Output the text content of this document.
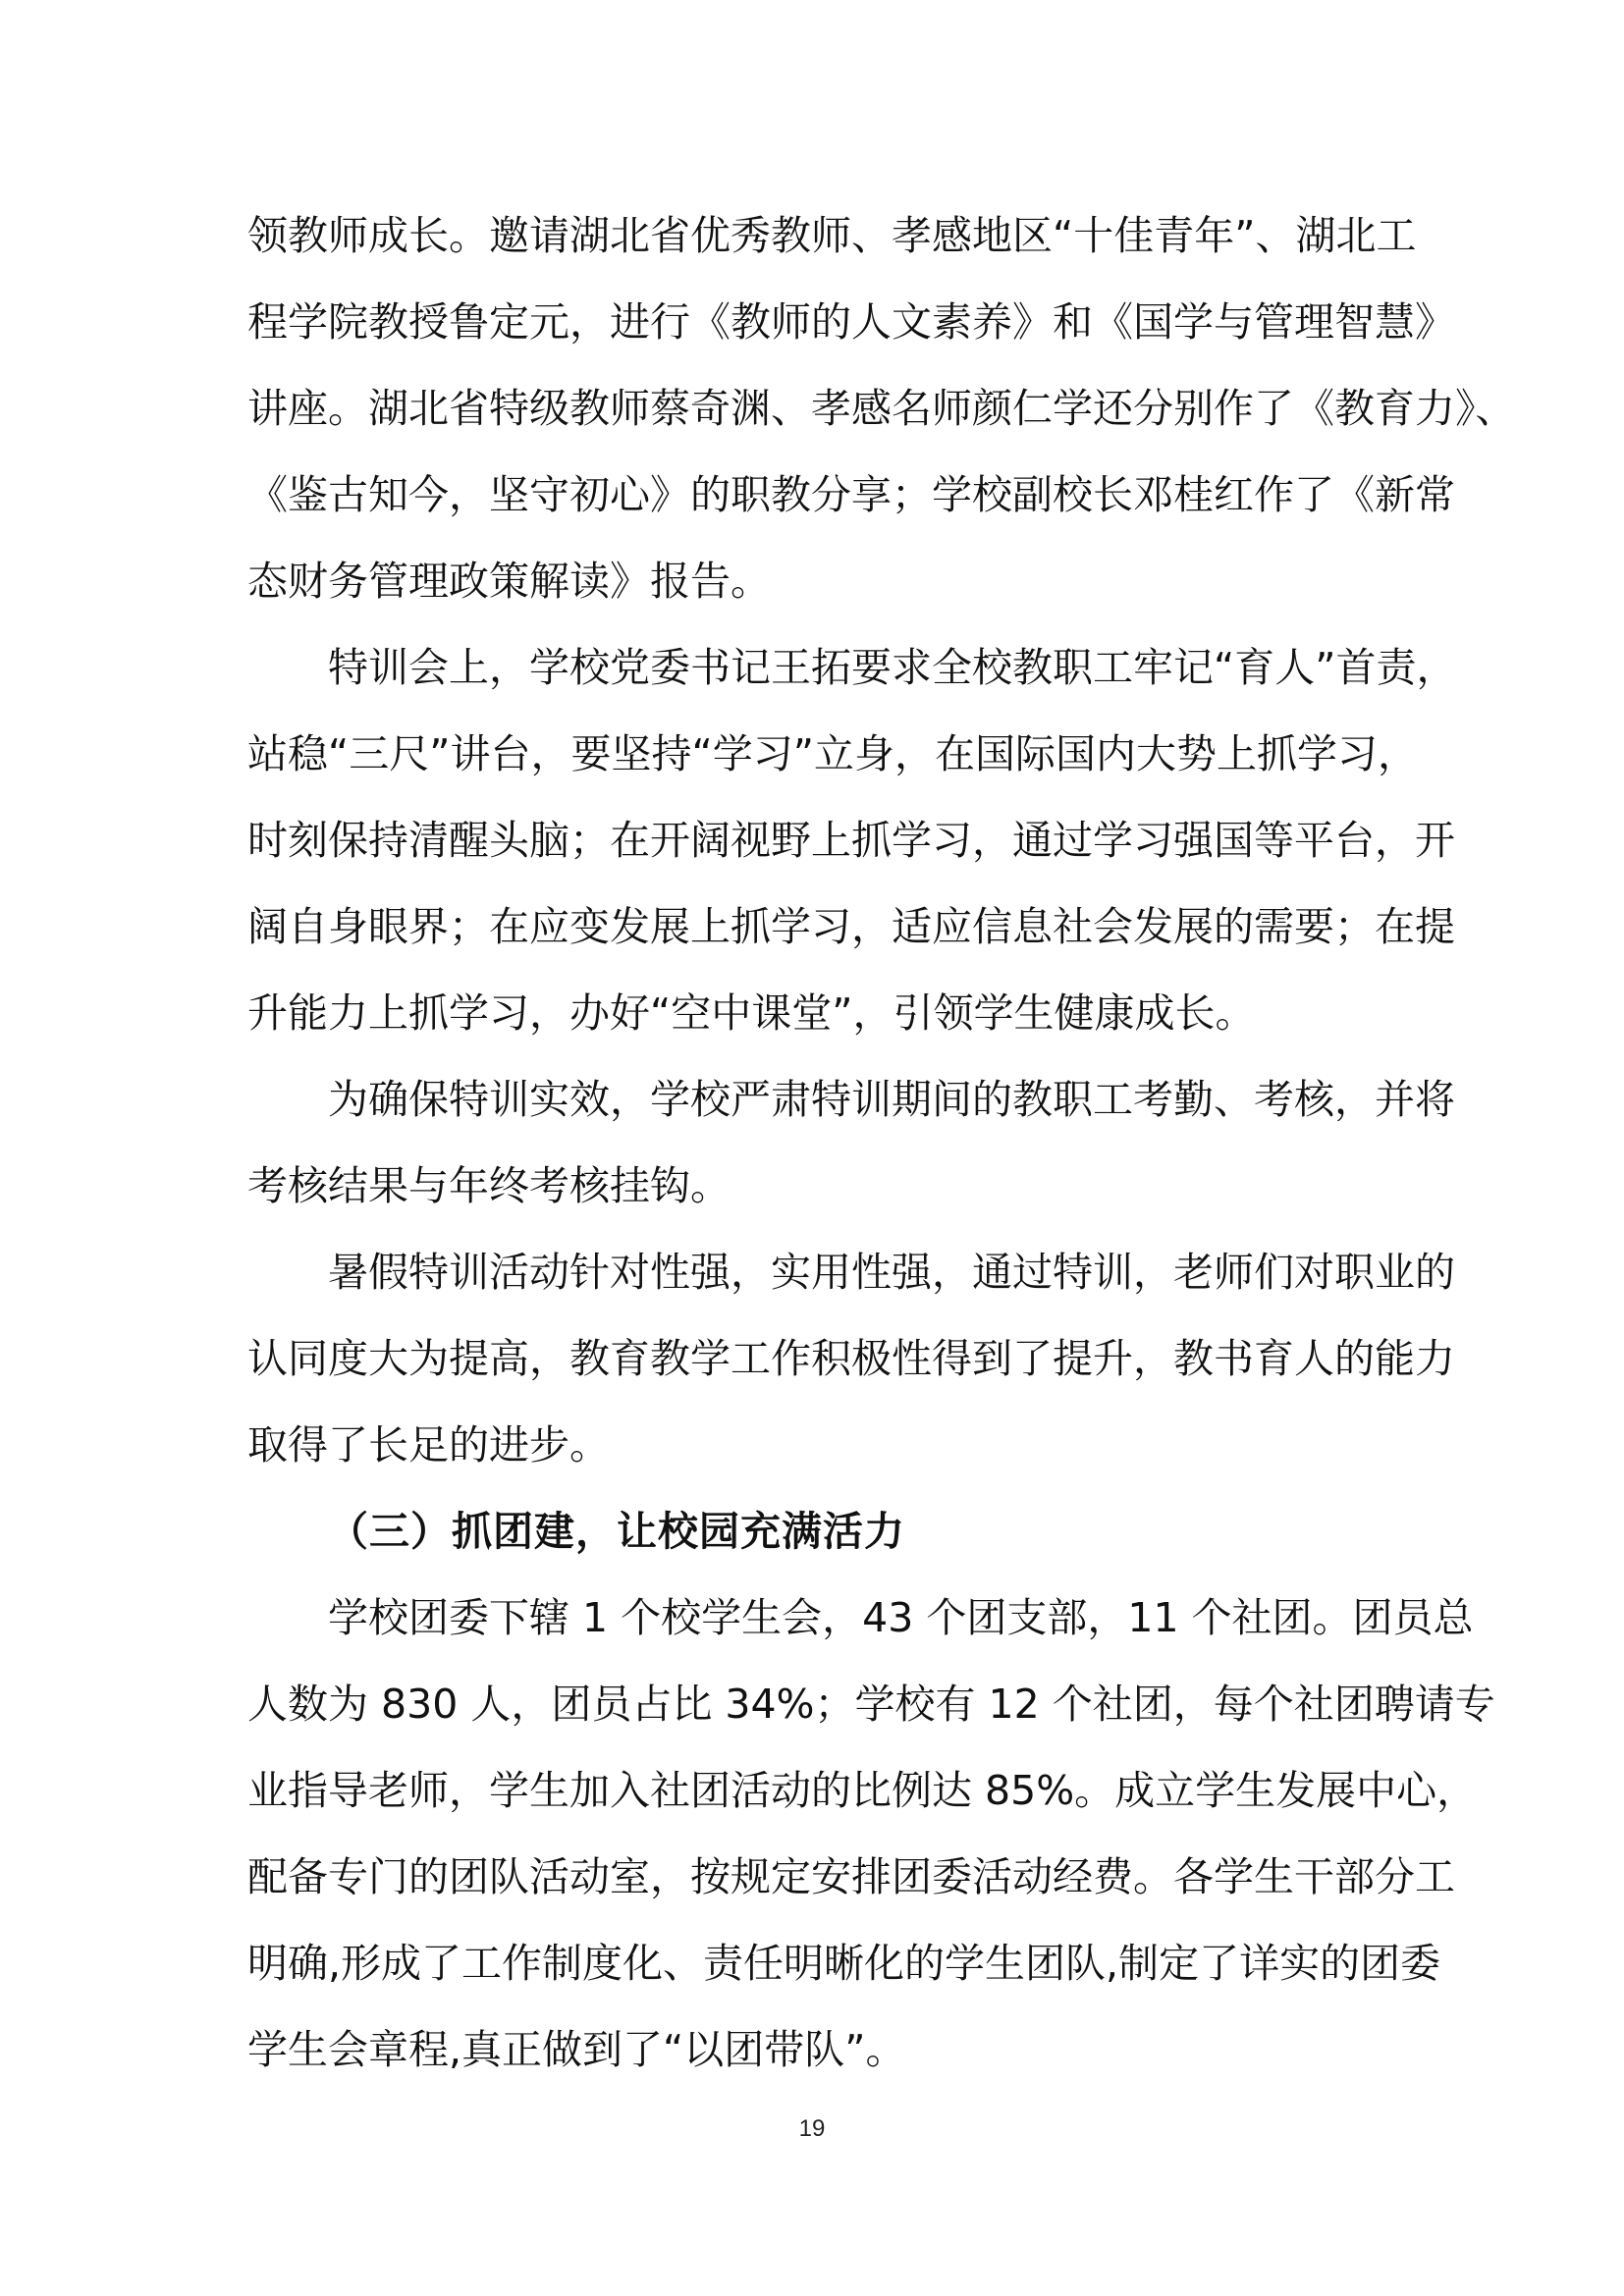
领教师成长。邀请湖北省优秀教师、孝感地区“十佳青年”、湖北工
程学院教授鲁定元，进行《教师的人文素养》和《国学与管理智慧》
讲座。湖北省特级教师蔡奇渊、孝感名师颜仁学还分别作了《教育力》、
《鉴古知今，坚守初心》的职教分享；学校副校长邓桂红作了《新常
态财务管理政策解读》报告。
特训会上，学校党委书记王拓要求全校教职工牢记“育人”首责，
站稳“三尺”讲台，要坚持“学习”立身，在国际国内大势上抓学习，
时刻保持清醒头脑；在开阔视野上抓学习，通过学习强国等平台，开
阔自身眼界；在应变发展上抓学习，适应信息社会发展的需要；在提
升能力上抓学习，办好“空中课堂”，引领学生健康成长。
为确保特训实效，学校严肃特训期间的教职工考勤、考核，并将
考核结果与年终考核挂钩。
暑假特训活动针对性强，实用性强，通过特训，老师们对职业的
认同度大为提高，教育教学工作积极性得到了提升，教书育人的能力
取得了长足的进步。
（三）抓团建，让校园充满活力
学校团委下辖 1 个校学生会，43 个团支部，11 个社团。团员总
人数为 830 人，团员占比 34%；学校有 12 个社团，每个社团聘请专
业指导老师，学生加入社团活动的比例达 85%。成立学生发展中心，
配备专门的团队活动室，按规定安排团委活动经费。各学生干部分工
明确,形成了工作制度化、责任明晰化的学生团队,制定了详实的团委
学生会章程,真正做到了“以团带队”。
19
